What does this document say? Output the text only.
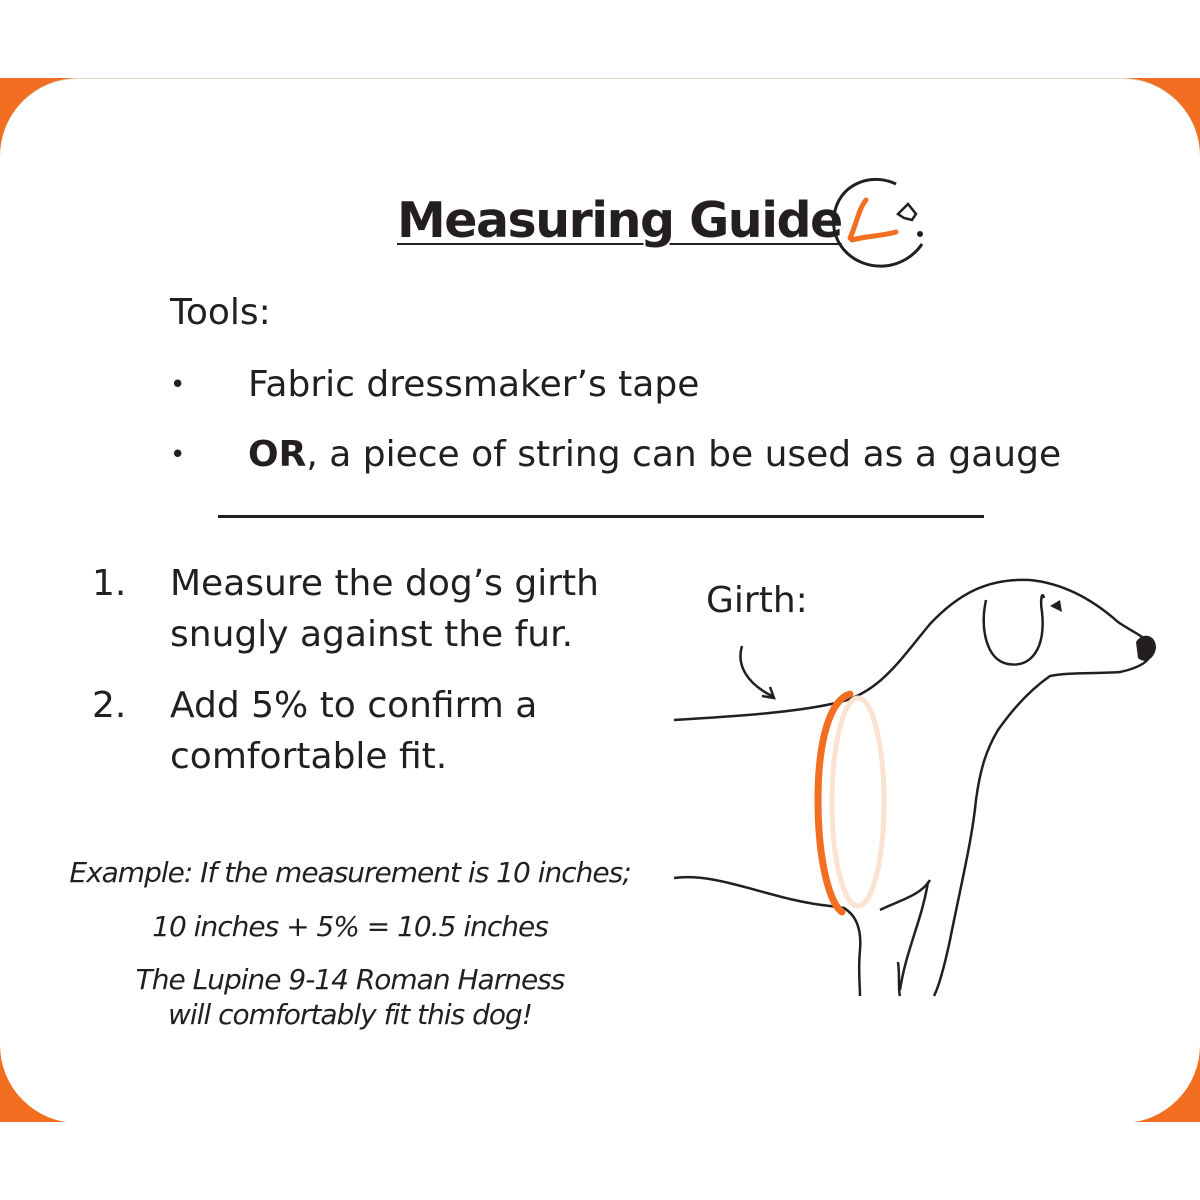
Measuring Guide
Tools:
• Fabric dressmaker’s tape
• OR, a piece of string can be used as a gauge
1.	Measure the dog’s girth snugly against the fur.
2.	Add 5% to confirm a comfortable fit.
Example: If the measurement is 10 inches;
10 inches + 5% = 10.5 inches
The Lupine 9-14 Roman Harness
will comfortably fit this dog!
Girth:
